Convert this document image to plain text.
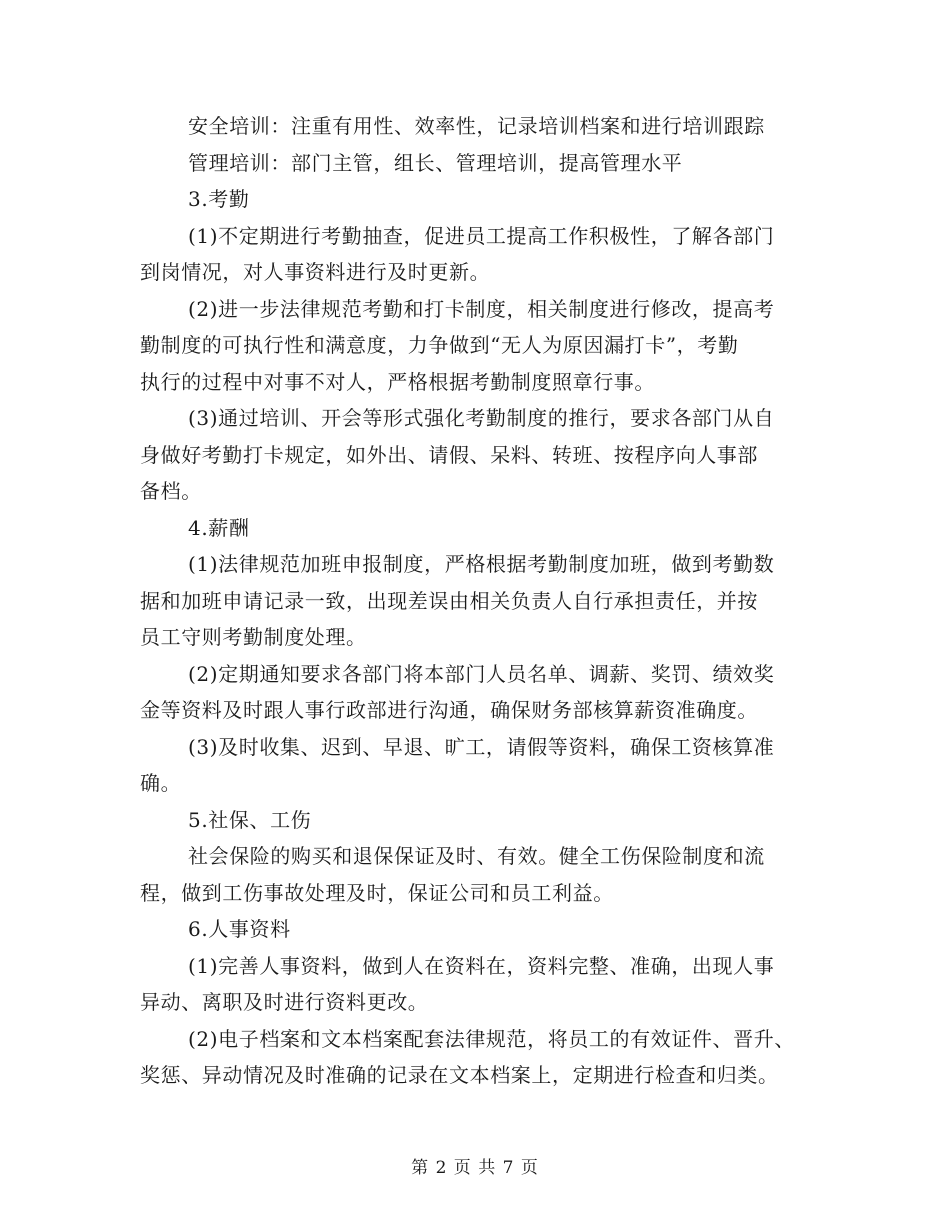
安全培训：注重有用性、效率性，记录培训档案和进行培训跟踪
管理培训：部门主管，组长、管理培训，提高管理水平
3.考勤
(1)不定期进行考勤抽查，促进员工提高工作积极性，了解各部门
到岗情况，对人事资料进行及时更新。
(2)进一步法律规范考勤和打卡制度，相关制度进行修改，提高考
勤制度的可执行性和满意度，力争做到“无人为原因漏打卡”，考勤
执行的过程中对事不对人，严格根据考勤制度照章行事。
(3)通过培训、开会等形式强化考勤制度的推行，要求各部门从自
身做好考勤打卡规定，如外出、请假、呆料、转班、按程序向人事部
备档。
4.薪酬
(1)法律规范加班申报制度，严格根据考勤制度加班，做到考勤数
据和加班申请记录一致，出现差误由相关负责人自行承担责任，并按
员工守则考勤制度处理。
(2)定期通知要求各部门将本部门人员名单、调薪、奖罚、绩效奖
金等资料及时跟人事行政部进行沟通，确保财务部核算薪资准确度。
(3)及时收集、迟到、早退、旷工，请假等资料，确保工资核算准
确。
5.社保、工伤
社会保险的购买和退保保证及时、有效。健全工伤保险制度和流
程，做到工伤事故处理及时，保证公司和员工利益。
6.人事资料
(1)完善人事资料，做到人在资料在，资料完整、准确，出现人事
异动、离职及时进行资料更改。
(2)电子档案和文本档案配套法律规范，将员工的有效证件、晋升、
奖惩、异动情况及时准确的记录在文本档案上，定期进行检查和归类。
第 2 页 共 7 页
